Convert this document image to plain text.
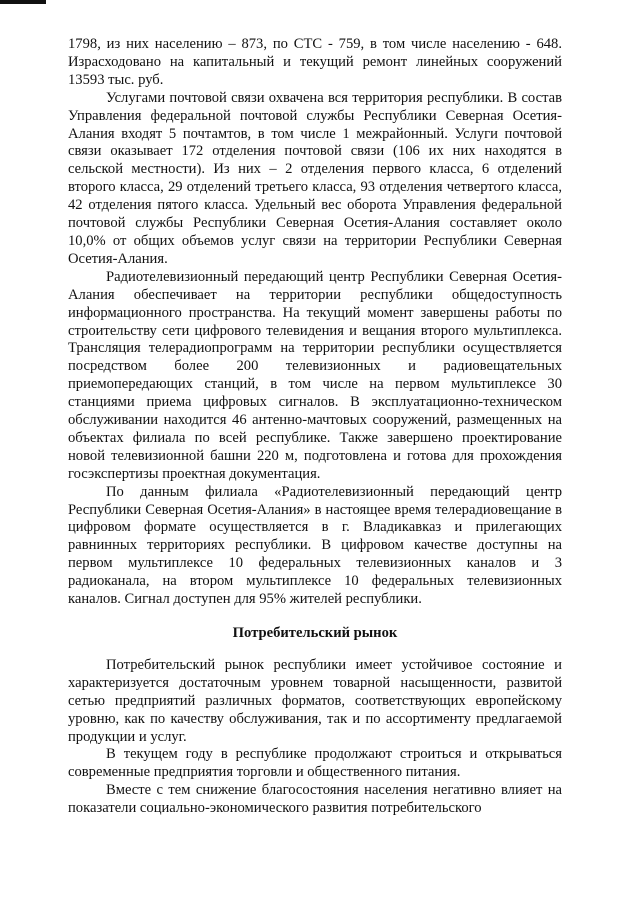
1798, из них населению – 873, по СТС - 759, в том числе населению - 648. Израсходовано на капитальный и текущий ремонт линейных сооружений 13593 тыс. руб.

Услугами почтовой связи охвачена вся территория республики. В состав Управления федеральной почтовой службы Республики Северная Осетия-Алания входят 5 почтамтов, в том числе 1 межрайонный. Услуги почтовой связи оказывает 172 отделения почтовой связи (106 их них находятся в сельской местности). Из них – 2 отделения первого класса, 6 отделений второго класса, 29 отделений третьего класса, 93 отделения четвертого класса, 42 отделения пятого класса. Удельный вес оборота Управления федеральной почтовой службы Республики Северная Осетия-Алания составляет около 10,0% от общих объемов услуг связи на территории Республики Северная Осетия-Алания.

Радиотелевизионный передающий центр Республики Северная Осетия-Алания обеспечивает на территории республики общедоступность информационного пространства. На текущий момент завершены работы по строительству сети цифрового телевидения и вещания второго мультиплекса. Трансляция телерадиопрограмм на территории республики осуществляется посредством более 200 телевизионных и радиовещательных приемопередающих станций, в том числе на первом мультиплексе 30 станциями приема цифровых сигналов. В эксплуатационно-техническом обслуживании находится 46 антенно-мачтовых сооружений, размещенных на объектах филиала по всей республике. Также завершено проектирование новой телевизионной башни 220 м, подготовлена и готова для прохождения госэкспертизы проектная документация.

По данным филиала «Радиотелевизионный передающий центр Республики Северная Осетия-Алания» в настоящее время телерадиовещание в цифровом формате осуществляется в г. Владикавказ и прилегающих равнинных территориях республики. В цифровом качестве доступны на первом мультиплексе 10 федеральных телевизионных каналов и 3 радиоканала, на втором мультиплексе 10 федеральных телевизионных каналов. Сигнал доступен для 95% жителей республики.

Потребительский рынок

Потребительский рынок республики имеет устойчивое состояние и характеризуется достаточным уровнем товарной насыщенности, развитой сетью предприятий различных форматов, соответствующих европейскому уровню, как по качеству обслуживания, так и по ассортименту предлагаемой продукции и услуг.

В текущем году в республике продолжают строиться и открываться современные предприятия торговли и общественного питания.

Вместе с тем снижение благосостояния населения негативно влияет на показатели социально-экономического развития потребительского
